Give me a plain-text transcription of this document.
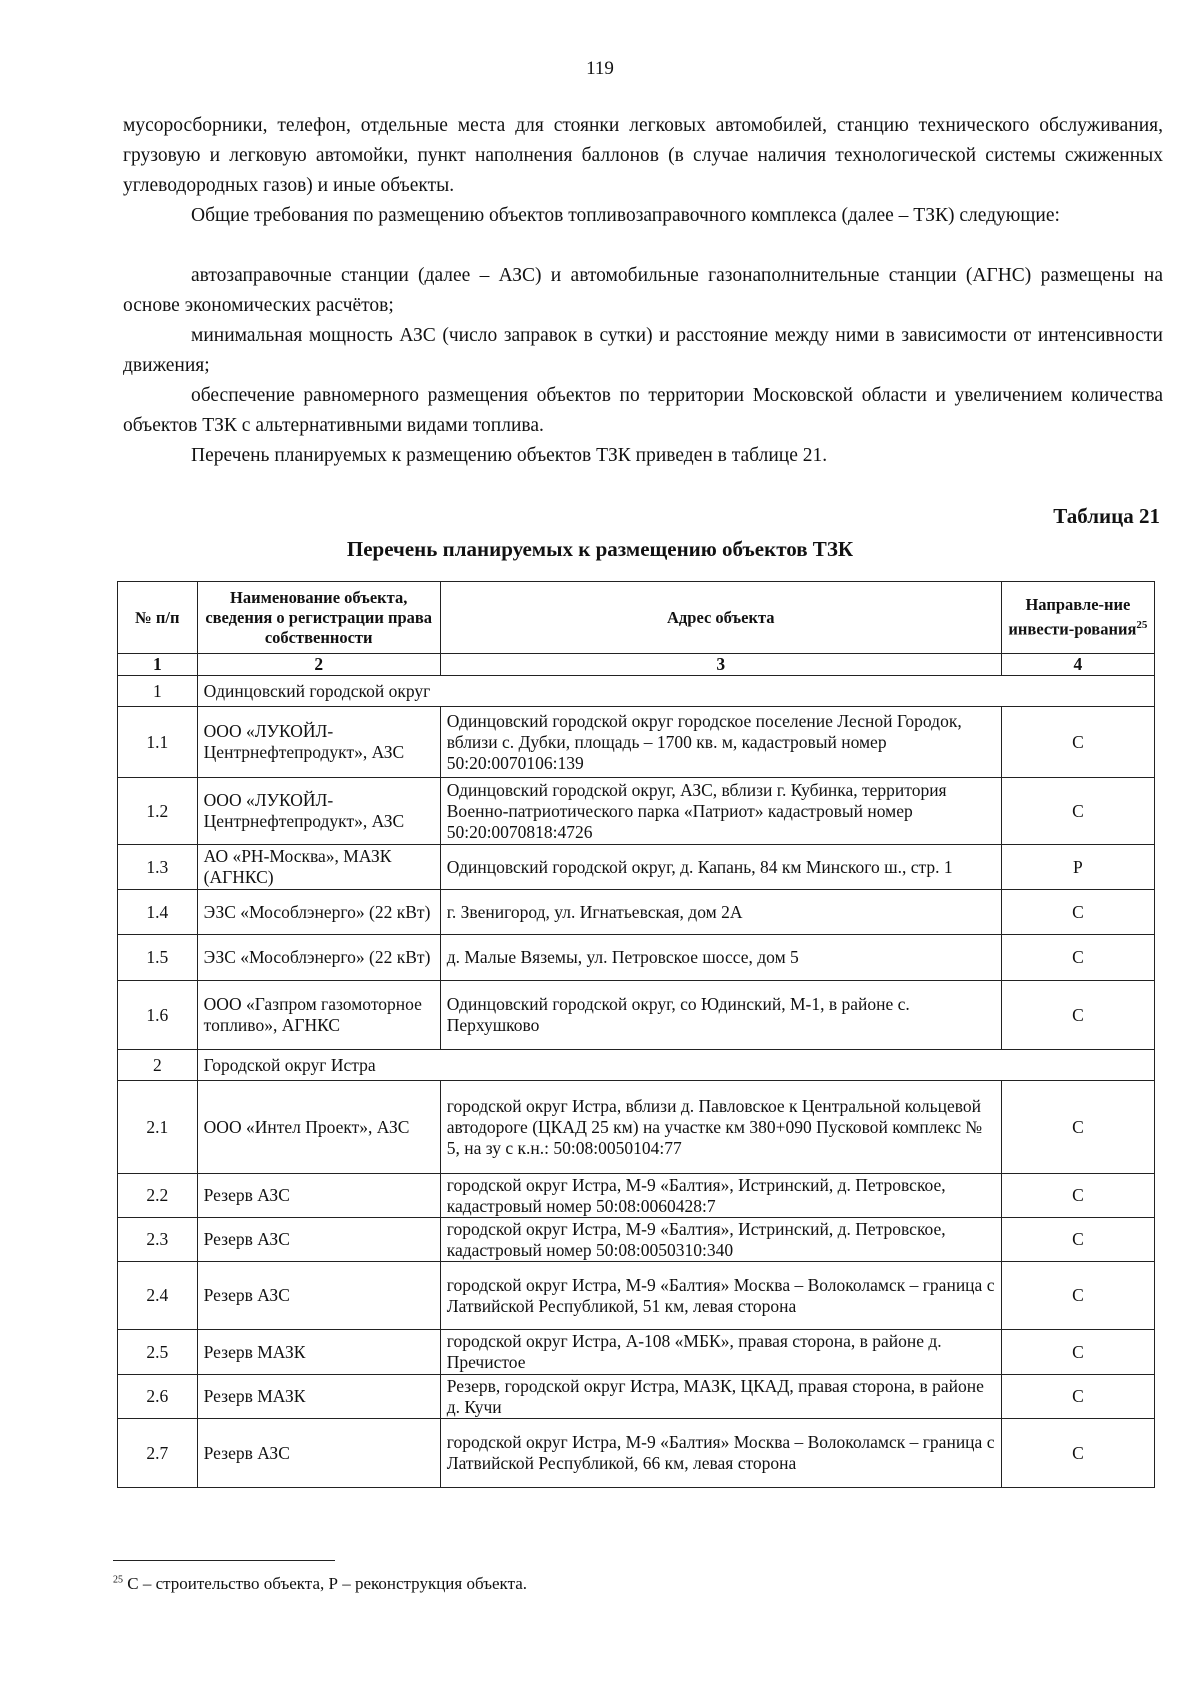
119
мусоросборники, телефон, отдельные места для стоянки легковых автомобилей, станцию технического обслуживания, грузовую и легковую автомойки, пункт наполнения баллонов (в случае наличия технологической системы сжиженных углеводородных газов) и иные объекты.
Общие требования по размещению объектов топливозаправочного комплекса (далее – ТЗК) следующие:
автозаправочные станции (далее – АЗС) и автомобильные газонаполнительные станции (АГНС) размещены на основе экономических расчётов;
минимальная мощность АЗС (число заправок в сутки) и расстояние между ними в зависимости от интенсивности движения;
обеспечение равномерного размещения объектов по территории Московской области и увеличением количества объектов ТЗК с альтернативными видами топлива.
Перечень планируемых к размещению объектов ТЗК приведен в таблице 21.
Таблица 21
Перечень планируемых к размещению объектов ТЗК
№ п/п	Наименование объекта, сведения о регистрации права собственности	Адрес объекта	Направле-ние инвести-рования$^{25}$
1	2	3	4
1	Одинцовский городской округ		
1.1	ООО «ЛУКОЙЛ-Центрнефтепродукт», АЗС	Одинцовский городской округ городское поселение Лесной Городок, вблизи с. Дубки, площадь – 1700 кв. м, кадастровый номер 50:20:0070106:139	С
1.2	ООО «ЛУКОЙЛ-Центрнефтепродукт», АЗС	Одинцовский городской округ, АЗС, вблизи г. Кубинка, территория Военно-патриотического парка «Патриот» кадастровый номер 50:20:0070818:4726	С
1.3	АО «РН-Москва», МАЗК (АГНКС)	Одинцовский городской округ, д. Капань, 84 км Минского ш., стр. 1	Р
1.4	ЭЗС «Мособлэнерго» (22 кВт)	г. Звенигород, ул. Игнатьевская, дом 2А	С
1.5	ЭЗС «Мособлэнерго» (22 кВт)	д. Малые Вяземы, ул. Петровское шоссе, дом 5	С
1.6	ООО «Газпром газомоторное топливо», АГНКС	Одинцовский городской округ, со Юдинский, М-1, в районе с. Перхушково	С
2	Городской округ Истра		
2.1	ООО «Интел Проект», АЗС	городской округ Истра, вблизи д. Павловское к Центральной кольцевой автодороге (ЦКАД 25 км) на участке км 380+090 Пусковой комплекс № 5, на зу с к.н.: 50:08:0050104:77	С
2.2	Резерв АЗС	городской округ Истра, М-9 «Балтия», Истринский, д. Петровское, кадастровый номер 50:08:0060428:7	С
2.3	Резерв АЗС	городской округ Истра, М-9 «Балтия», Истринский, д. Петровское, кадастровый номер 50:08:0050310:340	С
2.4	Резерв АЗС	городской округ Истра, М-9 «Балтия» Москва – Волоколамск – граница с Латвийской Республикой, 51 км, левая сторона	С
2.5	Резерв МАЗК	городской округ Истра, А-108 «МБК», правая сторона, в районе д. Пречистое	С
2.6	Резерв МАЗК	Резерв, городской округ Истра, МАЗК, ЦКАД, правая сторона, в районе д. Кучи	С
2.7	Резерв АЗС	городской округ Истра, М-9 «Балтия» Москва – Волоколамск – граница с Латвийской Республикой, 66 км, левая сторона	С
$^{25}$ С – строительство объекта, Р – реконструкция объекта.
